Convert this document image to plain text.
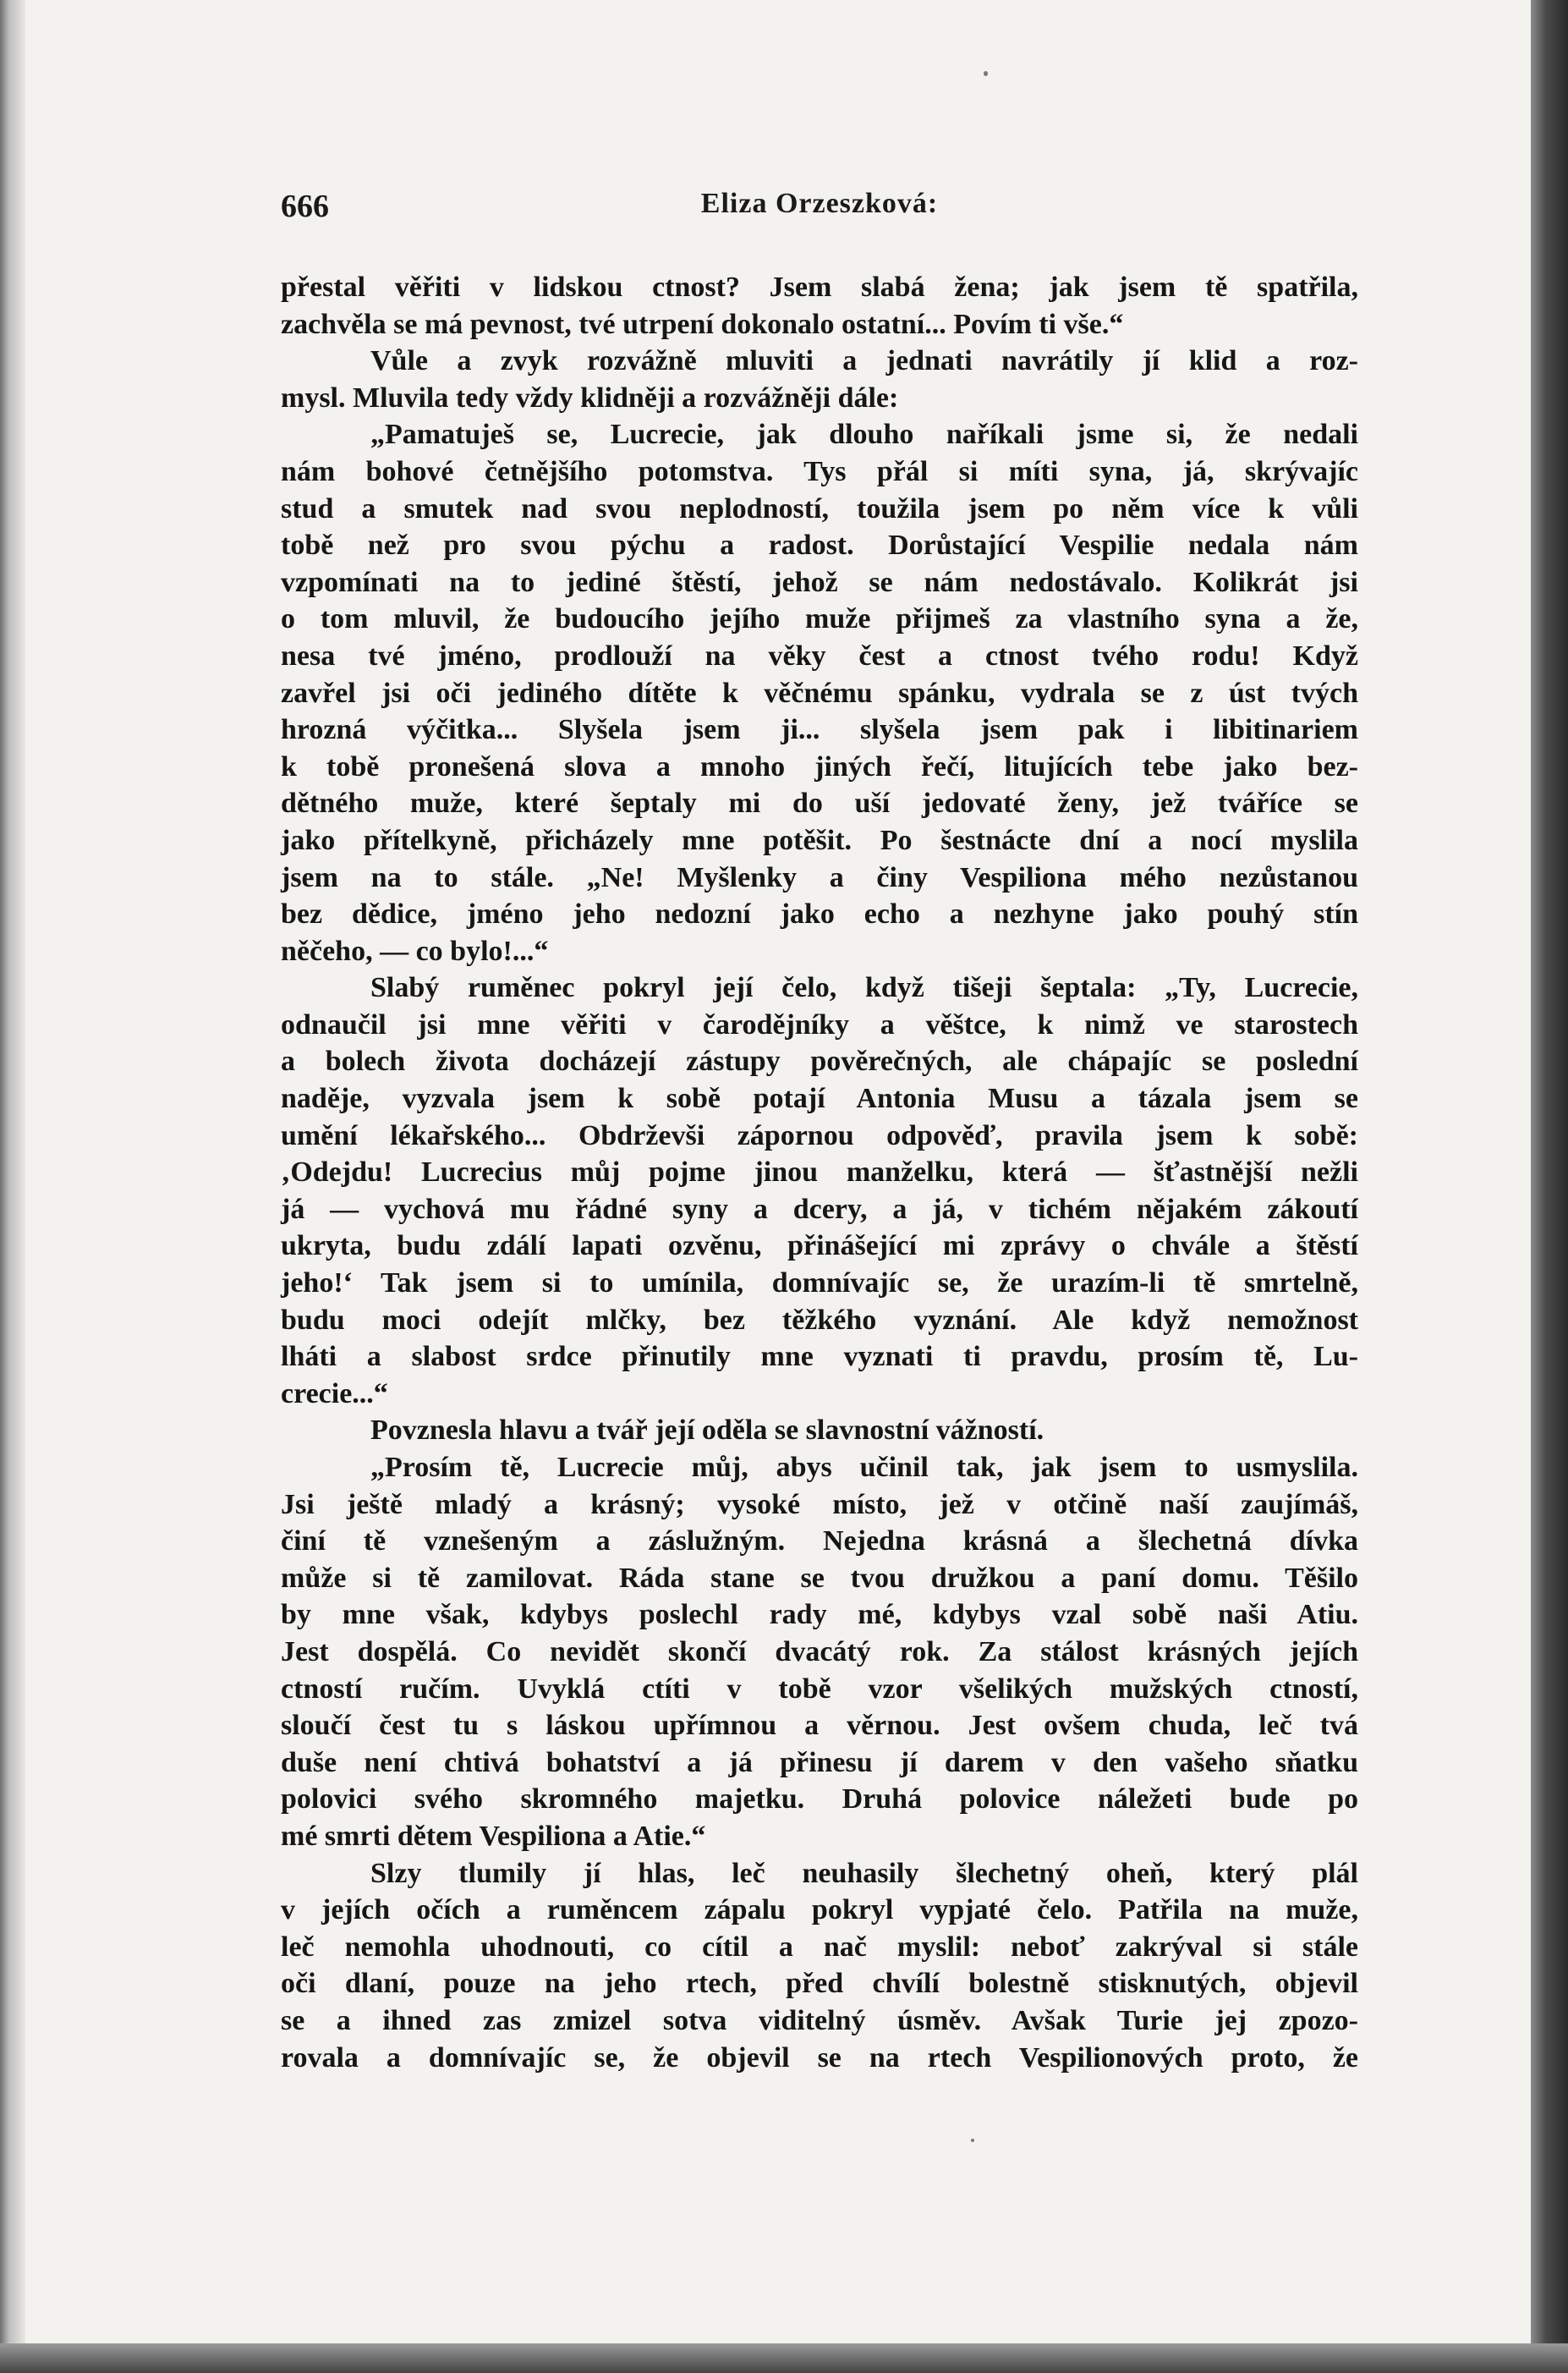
666	Eliza Orzeszková:
přestal věřiti v lidskou ctnost? Jsem slabá žena; jak jsem tě spatřila,
zachvěla se má pevnost, tvé utrpení dokonalo ostatní... Povím ti vše.“
Vůle a zvyk rozvážně mluviti a jednati navrátily jí klid a roz-
mysl. Mluvila tedy vždy klidněji a rozvážněji dále:
„Pamatuješ se, Lucrecie, jak dlouho naříkali jsme si, že nedali
nám bohové četnějšího potomstva. Tys přál si míti syna, já, skrývajíc
stud a smutek nad svou neplodností, toužila jsem po něm více k vůli
tobě než pro svou pýchu a radost. Dorůstající Vespilie nedala nám
vzpomínati na to jediné štěstí, jehož se nám nedostávalo. Kolikrát jsi
o tom mluvil, že budoucího jejího muže přijmeš za vlastního syna a že,
nesa tvé jméno, prodlouží na věky čest a ctnost tvého rodu! Když
zavřel jsi oči jediného dítěte k věčnému spánku, vydrala se z úst tvých
hrozná výčitka... Slyšela jsem ji... slyšela jsem pak i libitinariem
k tobě pronešená slova a mnoho jiných řečí, litujících tebe jako bez-
dětného muže, které šeptaly mi do uší jedovaté ženy, jež tváříce se
jako přítelkyně, přicházely mne potěšit. Po šestnácte dní a nocí myslila
jsem na to stále. „Ne! Myšlenky a činy Vespiliona mého nezůstanou
bez dědice, jméno jeho nedozní jako echo a nezhyne jako pouhý stín
něčeho, — co bylo!...“
Slabý ruměnec pokryl její čelo, když tišeji šeptala: „Ty, Lucrecie,
odnaučil jsi mne věřiti v čarodějníky a věštce, k nimž ve starostech
a bolech života docházejí zástupy pověrečných, ale chápajíc se poslední
naděje, vyzvala jsem k sobě potají Antonia Musu a tázala jsem se
umění lékařského... Obdrževši zápornou odpověď, pravila jsem k sobě:
‚Odejdu! Lucrecius můj pojme jinou manželku, která — šťastnější nežli
já — vychová mu řádné syny a dcery, a já, v tichém nějakém zákoutí
ukryta, budu zdálí lapati ozvěnu, přinášející mi zprávy o chvále a štěstí
jeho!‘ Tak jsem si to umínila, domnívajíc se, že urazím-li tě smrtelně,
budu moci odejít mlčky, bez těžkého vyznání. Ale když nemožnost
lháti a slabost srdce přinutily mne vyznati ti pravdu, prosím tě, Lu-
crecie...“
Povznesla hlavu a tvář její oděla se slavnostní vážností.
„Prosím tě, Lucrecie můj, abys učinil tak, jak jsem to usmyslila.
Jsi ještě mladý a krásný; vysoké místo, jež v otčině naší zaujímáš,
činí tě vznešeným a záslužným. Nejedna krásná a šlechetná dívka
může si tě zamilovat. Ráda stane se tvou družkou a paní domu. Těšilo
by mne však, kdybys poslechl rady mé, kdybys vzal sobě naši Atiu.
Jest dospělá. Co nevidět skončí dvacátý rok. Za stálost krásných jejích
ctností ručím. Uvyklá ctíti v tobě vzor všelikých mužských ctností,
sloučí čest tu s láskou upřímnou a věrnou. Jest ovšem chuda, leč tvá
duše není chtivá bohatství a já přinesu jí darem v den vašeho sňatku
polovici svého skromného majetku. Druhá polovice náležeti bude po
mé smrti dětem Vespiliona a Atie.“
Slzy tlumily jí hlas, leč neuhasily šlechetný oheň, který plál
v jejích očích a ruměncem zápalu pokryl vypjaté čelo. Patřila na muže,
leč nemohla uhodnouti, co cítil a nač myslil: neboť zakrýval si stále
oči dlaní, pouze na jeho rtech, před chvílí bolestně stisknutých, objevil
se a ihned zas zmizel sotva viditelný úsměv. Avšak Turie jej zpozo-
rovala a domnívajíc se, že objevil se na rtech Vespilionových proto, že
